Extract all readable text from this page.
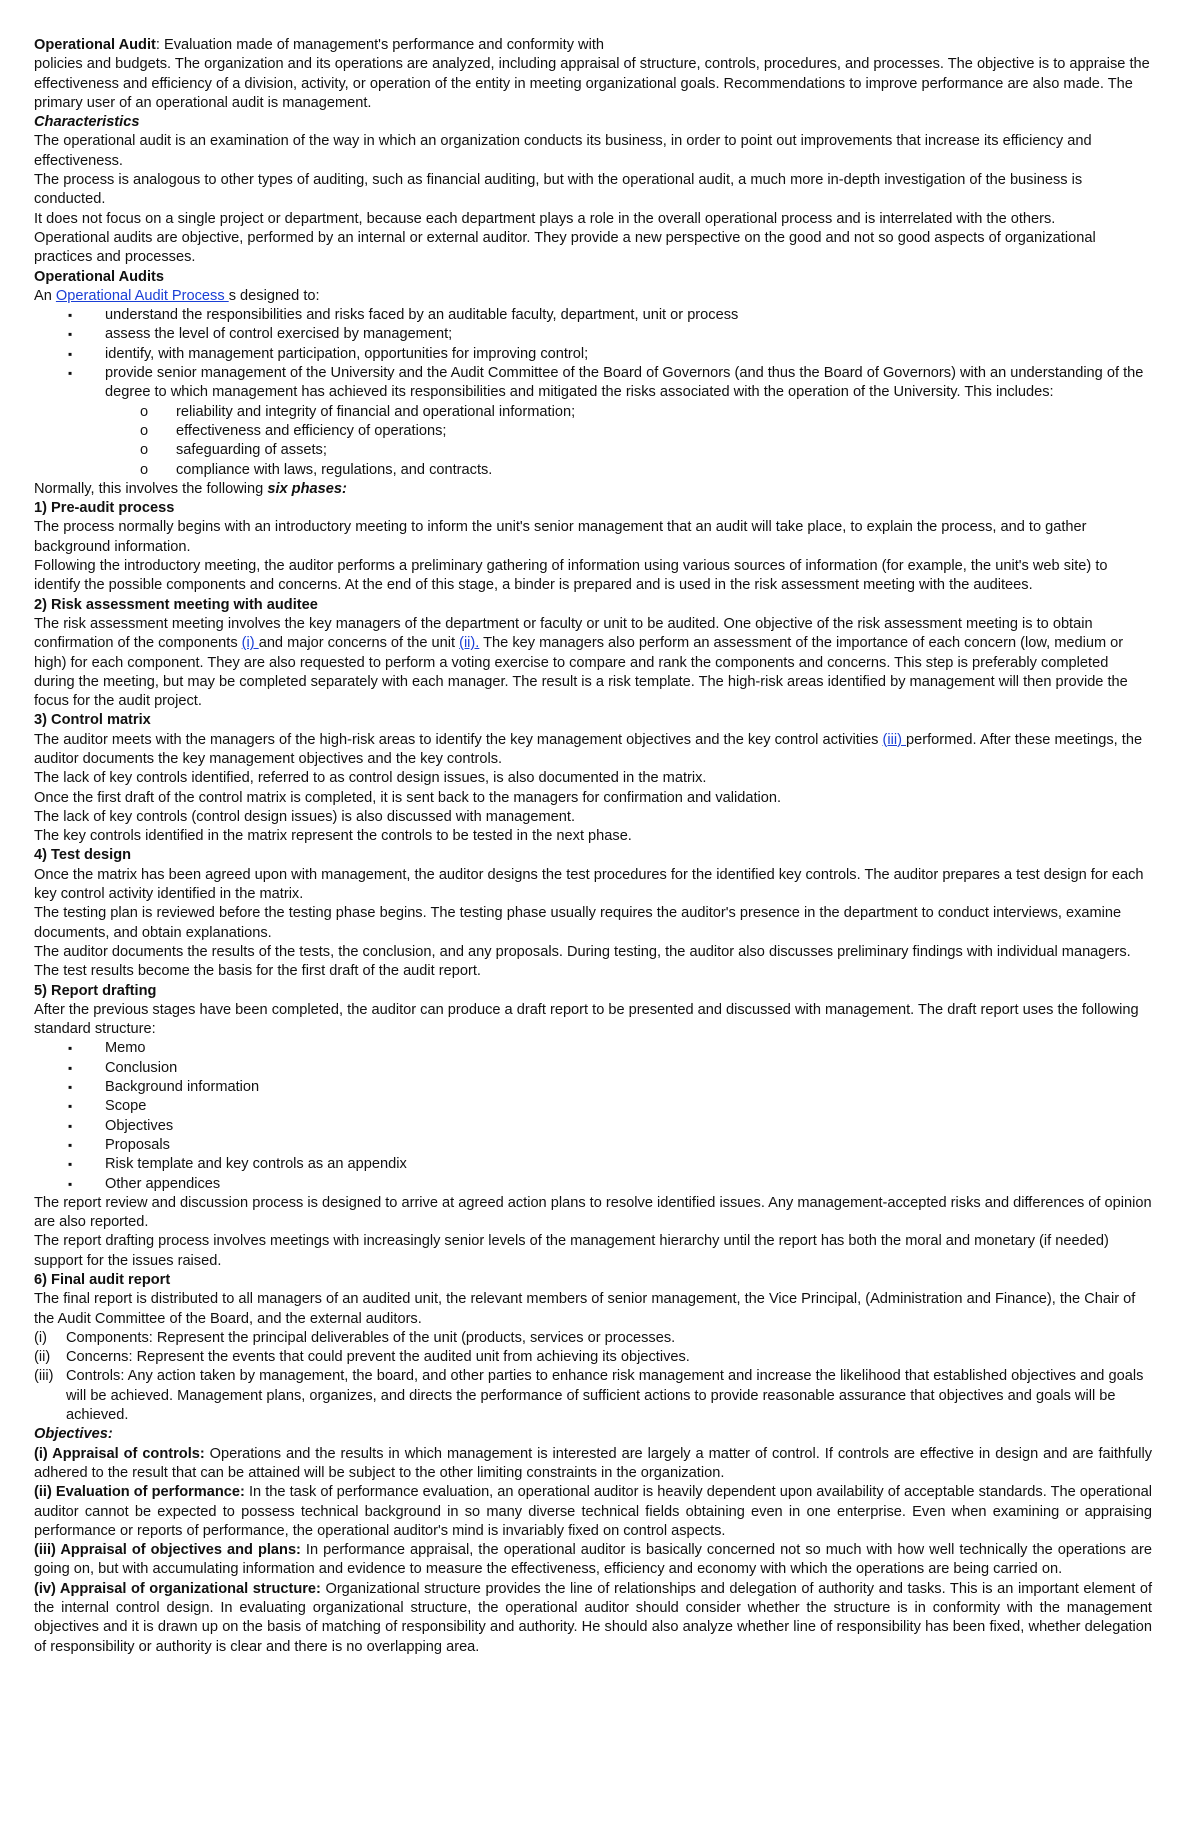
Operational Audit: Evaluation made of management's performance and conformity with

policies and budgets. The organization and its operations are analyzed, including appraisal of structure, controls, procedures, and processes. The objective is to appraise the effectiveness and efficiency of a division, activity, or operation of the entity in meeting organizational goals. Recommendations to improve performance are also made. The primary user of an operational audit is management.

Characteristics

The operational audit is an examination of the way in which an organization conducts its business, in order to point out improvements that increase its efficiency and effectiveness.

The process is analogous to other types of auditing, such as financial auditing, but with the operational audit, a much more in-depth investigation of the business is conducted.

It does not focus on a single project or department, because each department plays a role in the overall operational process and is interrelated with the others.

Operational audits are objective, performed by an internal or external auditor. They provide a new perspective on the good and not so good aspects of organizational practices and processes.

Operational Audits

An Operational Audit Process s designed to:

▪ understand the responsibilities and risks faced by an auditable faculty, department, unit or process
▪ assess the level of control exercised by management;
▪ identify, with management participation, opportunities for improving control;
▪ provide senior management of the University and the Audit Committee of the Board of Governors (and thus the Board of Governors) with an understanding of the degree to which management has achieved its responsibilities and mitigated the risks associated with the operation of the University. This includes:
o reliability and integrity of financial and operational information;
o effectiveness and efficiency of operations;
o safeguarding of assets;
o compliance with laws, regulations, and contracts.

Normally, this involves the following six phases:

1) Pre-audit process

The process normally begins with an introductory meeting to inform the unit's senior management that an audit will take place, to explain the process, and to gather background information.

Following the introductory meeting, the auditor performs a preliminary gathering of information using various sources of information (for example, the unit's web site) to identify the possible components and concerns. At the end of this stage, a binder is prepared and is used in the risk assessment meeting with the auditees.

2) Risk assessment meeting with auditee

The risk assessment meeting involves the key managers of the department or faculty or unit to be audited. One objective of the risk assessment meeting is to obtain confirmation of the components (i) and major concerns of the unit (ii). The key managers also perform an assessment of the importance of each concern (low, medium or high) for each component. They are also requested to perform a voting exercise to compare and rank the components and concerns. This step is preferably completed during the meeting, but may be completed separately with each manager. The result is a risk template. The high-risk areas identified by management will then provide the focus for the audit project.

3) Control matrix

The auditor meets with the managers of the high-risk areas to identify the key management objectives and the key control activities (iii) performed. After these meetings, the auditor documents the key management objectives and the key controls.

The lack of key controls identified, referred to as control design issues, is also documented in the matrix.

Once the first draft of the control matrix is completed, it is sent back to the managers for confirmation and validation.

The lack of key controls (control design issues) is also discussed with management.

The key controls identified in the matrix represent the controls to be tested in the next phase.

4) Test design

Once the matrix has been agreed upon with management, the auditor designs the test procedures for the identified key controls. The auditor prepares a test design for each key control activity identified in the matrix.

The testing plan is reviewed before the testing phase begins. The testing phase usually requires the auditor's presence in the department to conduct interviews, examine documents, and obtain explanations.

The auditor documents the results of the tests, the conclusion, and any proposals. During testing, the auditor also discusses preliminary findings with individual managers.

The test results become the basis for the first draft of the audit report.

5) Report drafting

After the previous stages have been completed, the auditor can produce a draft report to be presented and discussed with management. The draft report uses the following standard structure:

▪ Memo
▪ Conclusion
▪ Background information
▪ Scope
▪ Objectives
▪ Proposals
▪ Risk template and key controls as an appendix
▪ Other appendices

The report review and discussion process is designed to arrive at agreed action plans to resolve identified issues. Any management-accepted risks and differences of opinion are also reported.

The report drafting process involves meetings with increasingly senior levels of the management hierarchy until the report has both the moral and monetary (if needed) support for the issues raised.

6) Final audit report

The final report is distributed to all managers of an audited unit, the relevant members of senior management, the Vice Principal, (Administration and Finance), the Chair of the Audit Committee of the Board, and the external auditors.

(i) Components: Represent the principal deliverables of the unit (products, services or processes.
(ii) Concerns: Represent the events that could prevent the audited unit from achieving its objectives.
(iii) Controls: Any action taken by management, the board, and other parties to enhance risk management and increase the likelihood that established objectives and goals will be achieved. Management plans, organizes, and directs the performance of sufficient actions to provide reasonable assurance that objectives and goals will be achieved.

Objectives:

(i) Appraisal of controls: Operations and the results in which management is interested are largely a matter of control. If controls are effective in design and are faithfully adhered to the result that can be attained will be subject to the other limiting constraints in the organization.

(ii) Evaluation of performance: In the task of performance evaluation, an operational auditor is heavily dependent upon availability of acceptable standards. The operational auditor cannot be expected to possess technical background in so many diverse technical fields obtaining even in one enterprise. Even when examining or appraising performance or reports of performance, the operational auditor's mind is invariably fixed on control aspects.

(iii) Appraisal of objectives and plans: In performance appraisal, the operational auditor is basically concerned not so much with how well technically the operations are going on, but with accumulating information and evidence to measure the effectiveness, efficiency and economy with which the operations are being carried on.

(iv) Appraisal of organizational structure: Organizational structure provides the line of relationships and delegation of authority and tasks. This is an important element of the internal control design. In evaluating organizational structure, the operational auditor should consider whether the structure is in conformity with the management objectives and it is drawn up on the basis of matching of responsibility and authority. He should also analyze whether line of responsibility has been fixed, whether delegation of responsibility or authority is clear and there is no overlapping area.
